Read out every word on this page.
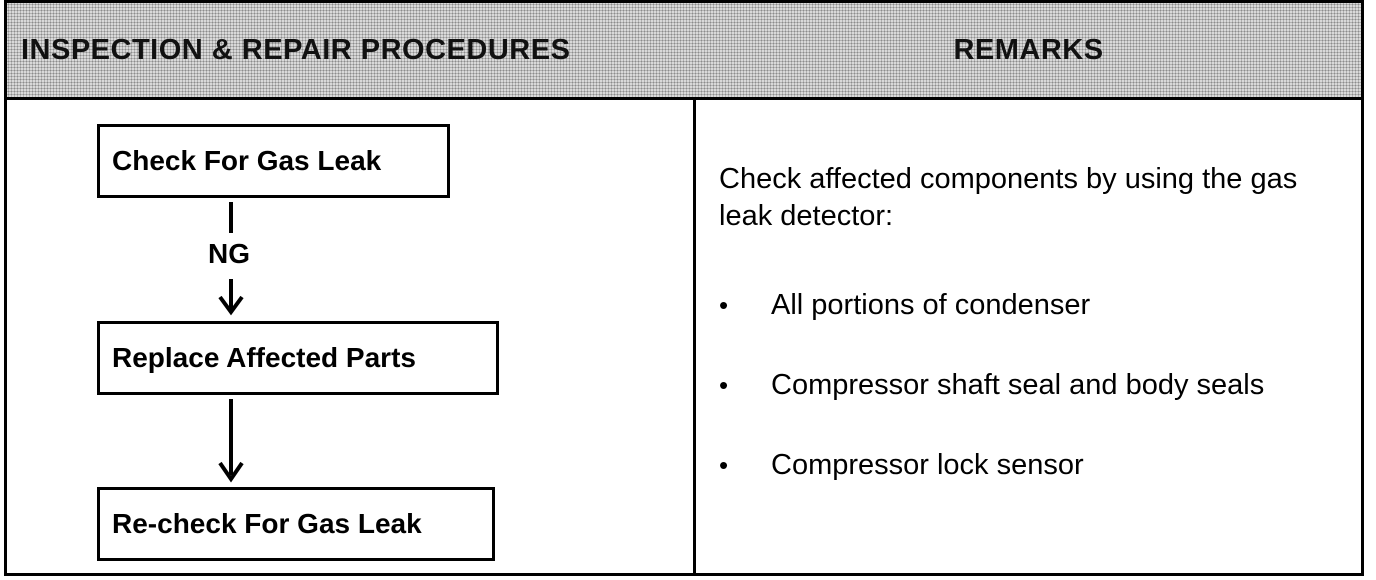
INSPECTION & REPAIR PROCEDURES	REMARKS
Check For Gas Leak
NG
Replace Affected Parts
Re-check For Gas Leak

Check affected components by using the gas leak detector:

• All portions of condenser
• Compressor shaft seal and body seals
• Compressor lock sensor
